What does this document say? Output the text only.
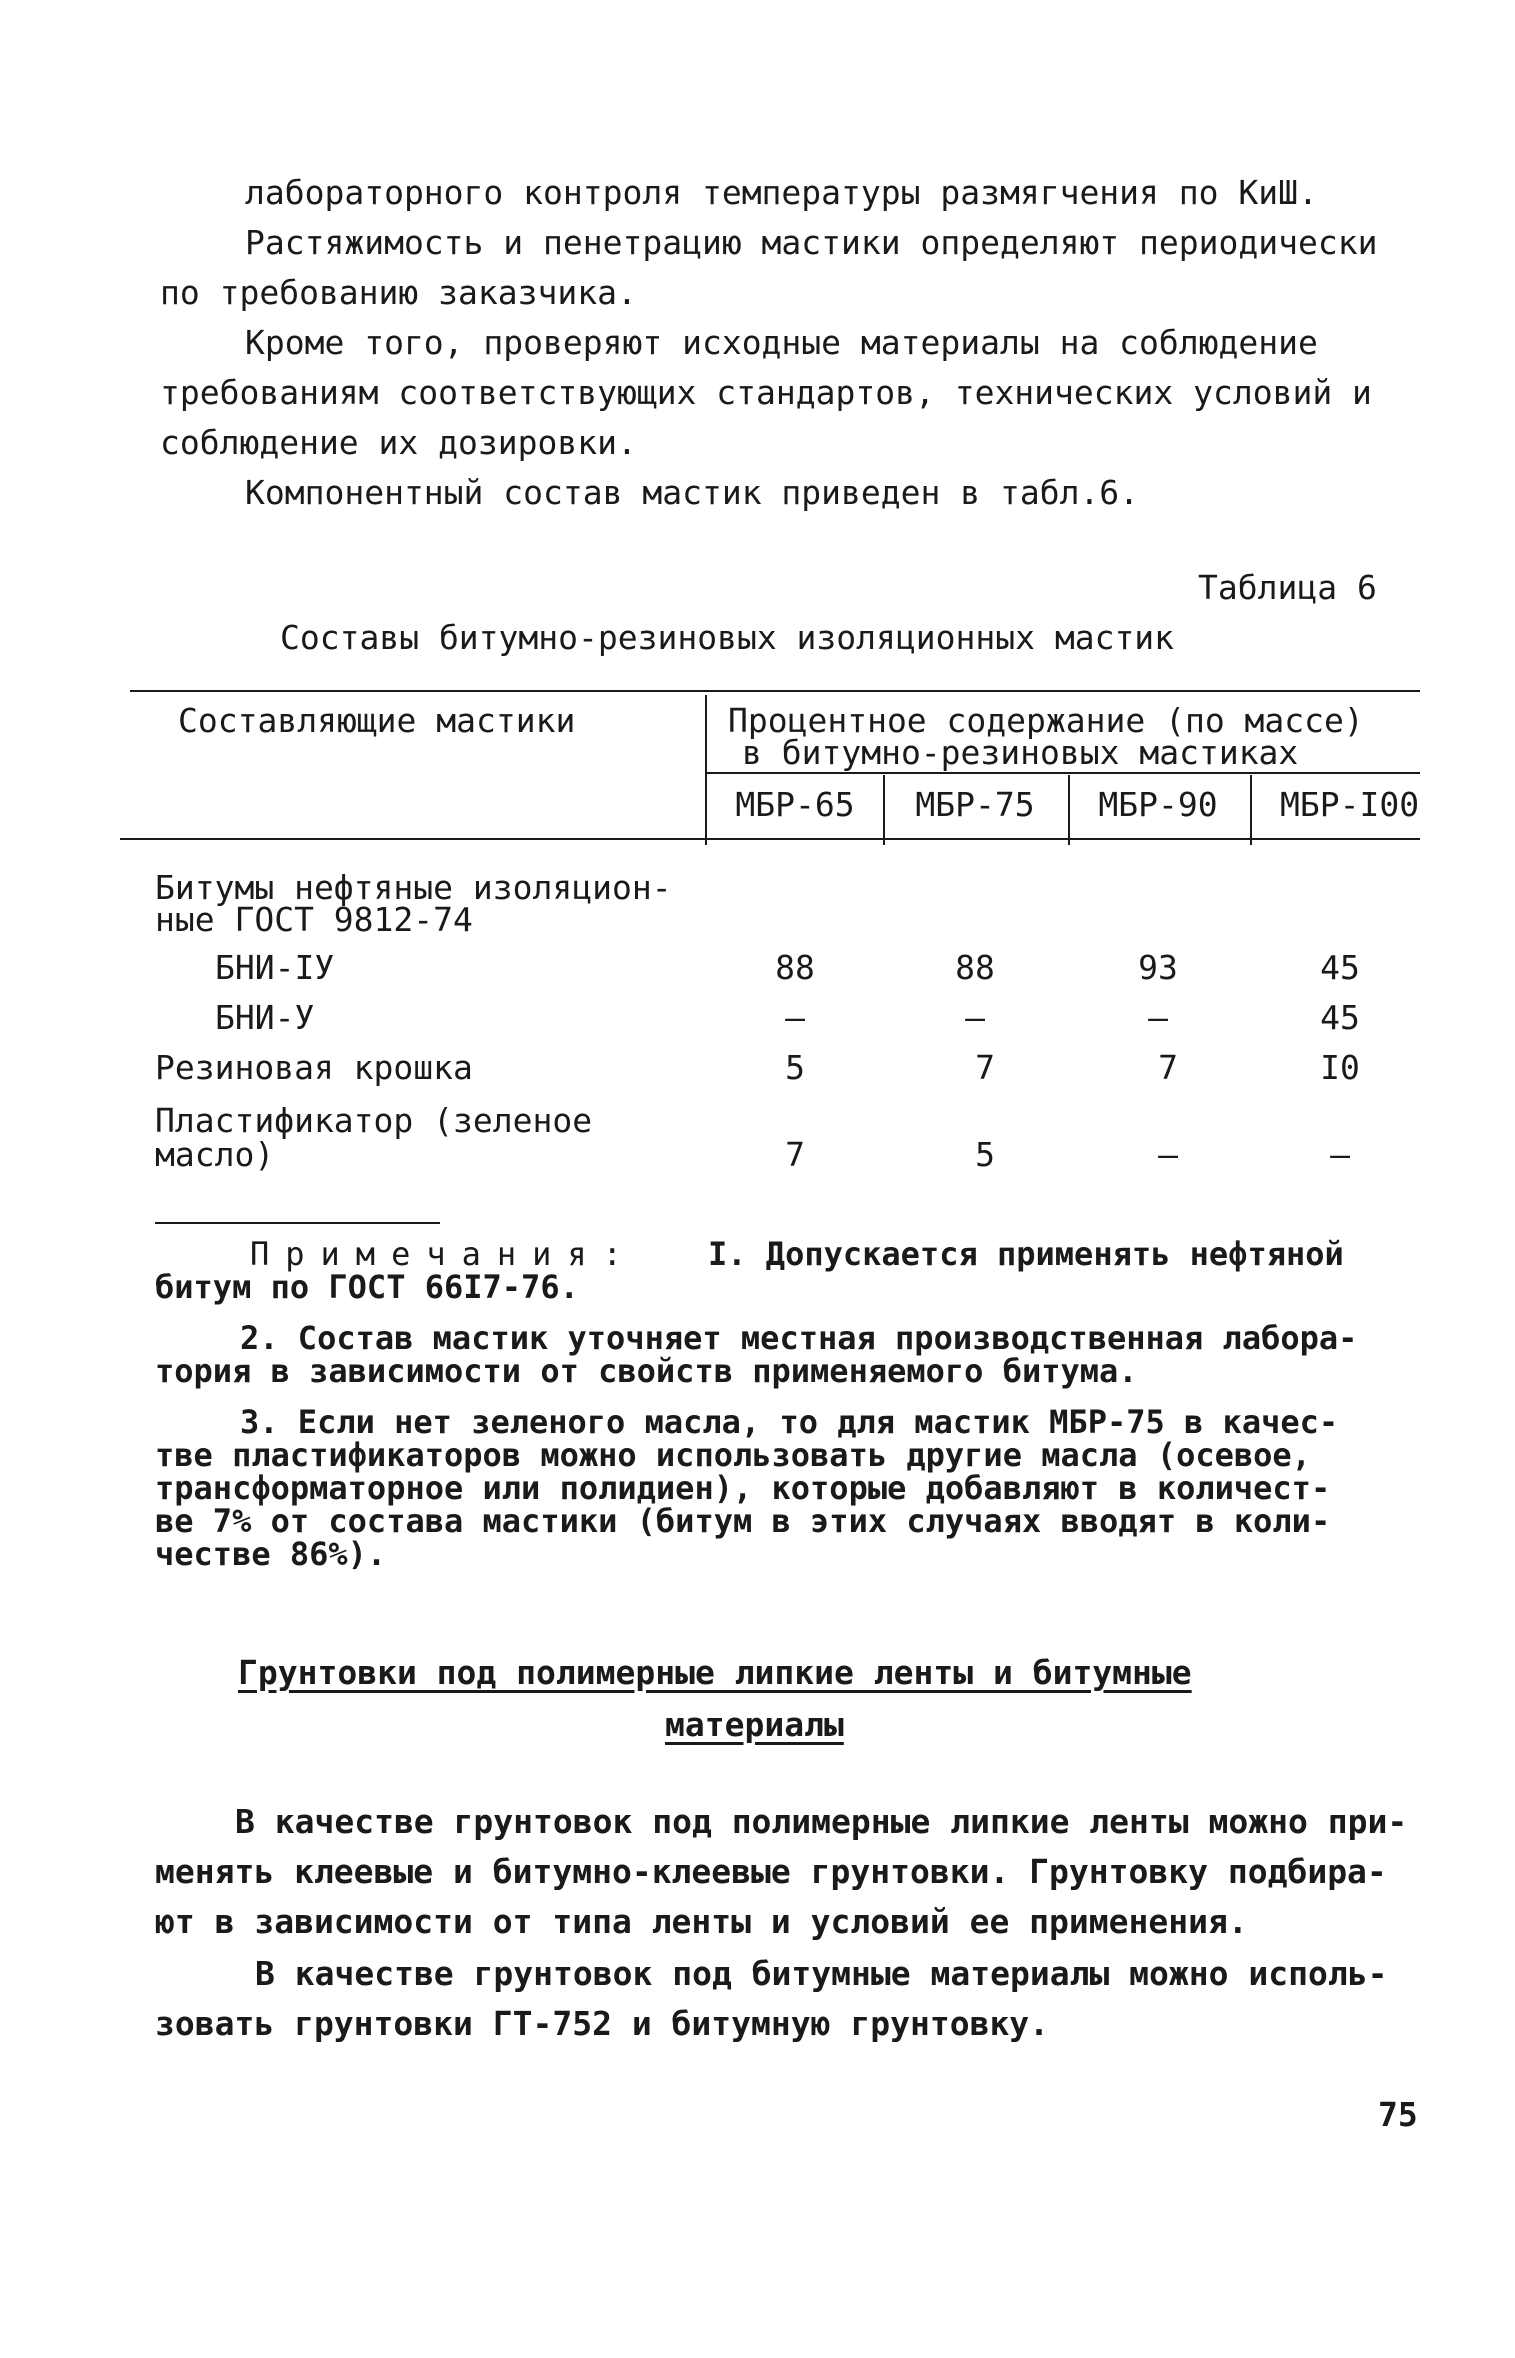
лабораторного контроля температуры размягчения по КиШ.
Растяжимость и пенетрацию мастики определяют периодически
по требованию заказчика.
Кроме того, проверяют исходные материалы на соблюдение
требованиям соответствующих стандартов, технических условий и
соблюдение их дозировки.
Компонентный состав мастик приведен в табл.6.
Таблица 6
Составы битумно-резиновых изоляционных мастик
Составляющие мастики	Процентное содержание (по массе)
в битумно-резиновых мастиках
МБР-65 МБР-75 МБР-90 МБР-I00
Битумы нефтяные изоляцион-
ные ГОСТ 9812-74
БНИ-IУ	88	88	93	45
БНИ-У	–	–	–	45
Резиновая крошка	5	7	7	I0
Пластификатор (зеленое
масло)	7	5	–	–
Примечания: I. Допускается применять нефтяной
битум по ГОСТ 66I7-76.
2. Состав мастик уточняет местная производственная лабора-
тория в зависимости от свойств применяемого битума.
3. Если нет зеленого масла, то для мастик МБР-75 в качес-
тве пластификаторов можно использовать другие масла (осевое,
трансформаторное или полидиен), которые добавляют в количест-
ве 7% от состава мастики (битум в этих случаях вводят в коли-
честве 86%).
Грунтовки под полимерные липкие ленты и битумные
материалы
В качестве грунтовок под полимерные липкие ленты можно при-
менять клеевые и битумно-клеевые грунтовки. Грунтовку подбира-
ют в зависимости от типа ленты и условий ее применения.
В качестве грунтовок под битумные материалы можно исполь-
зовать грунтовки ГТ-752 и битумную грунтовку.
75
